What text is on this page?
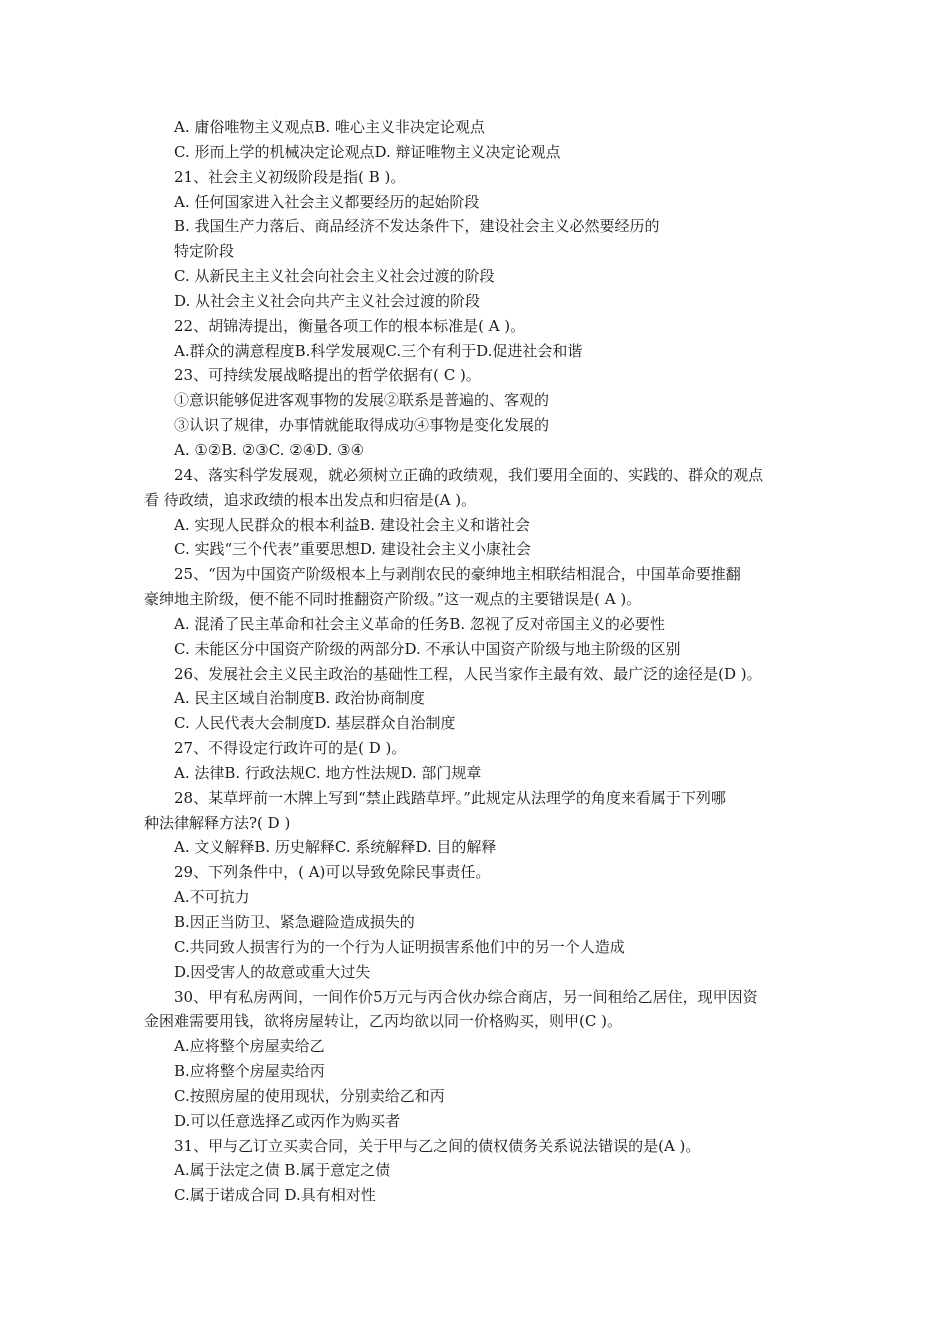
A. 庸俗唯物主义观点B. 唯心主义非决定论观点
C. 形而上学的机械决定论观点D. 辩证唯物主义决定论观点
21、社会主义初级阶段是指( B )。
A. 任何国家进入社会主义都要经历的起始阶段
B. 我国生产力落后、商品经济不发达条件下，建设社会主义必然要经历的
特定阶段
C. 从新民主主义社会向社会主义社会过渡的阶段
D. 从社会主义社会向共产主义社会过渡的阶段
22、胡锦涛提出，衡量各项工作的根本标准是( A )。
A.群众的满意程度B.科学发展观C.三个有利于D.促进社会和谐
23、可持续发展战略提出的哲学依据有( C )。
①意识能够促进客观事物的发展②联系是普遍的、客观的
③认识了规律，办事情就能取得成功④事物是变化发展的
A. ①②B. ②③C. ②④D. ③④
24、落实科学发展观，就必须树立正确的政绩观，我们要用全面的、实践的、群众的观点
看 待政绩，追求政绩的根本出发点和归宿是(A )。
A. 实现人民群众的根本利益B. 建设社会主义和谐社会
C. 实践“三个代表”重要思想D. 建设社会主义小康社会
25、“因为中国资产阶级根本上与剥削农民的豪绅地主相联结相混合，中国革命要推翻
豪绅地主阶级，便不能不同时推翻资产阶级。”这一观点的主要错误是( A )。
A. 混淆了民主革命和社会主义革命的任务B. 忽视了反对帝国主义的必要性
C. 未能区分中国资产阶级的两部分D. 不承认中国资产阶级与地主阶级的区别
26、发展社会主义民主政治的基础性工程，人民当家作主最有效、最广泛的途径是(D )。
A. 民主区域自治制度B. 政治协商制度
C. 人民代表大会制度D. 基层群众自治制度
27、不得设定行政许可的是( D )。
A. 法律B. 行政法规C. 地方性法规D. 部门规章
28、某草坪前一木牌上写到“禁止践踏草坪。”此规定从法理学的角度来看属于下列哪
种法律解释方法?( D )
A. 文义解释B. 历史解释C. 系统解释D. 目的解释
29、下列条件中，( A)可以导致免除民事责任。
A.不可抗力
B.因正当防卫、紧急避险造成损失的
C.共同致人损害行为的一个行为人证明损害系他们中的另一个人造成
D.因受害人的故意或重大过失
30、甲有私房两间，一间作价5万元与丙合伙办综合商店，另一间租给乙居住，现甲因资
金困难需要用钱，欲将房屋转让，乙丙均欲以同一价格购买，则甲(C )。
A.应将整个房屋卖给乙
B.应将整个房屋卖给丙
C.按照房屋的使用现状，分别卖给乙和丙
D.可以任意选择乙或丙作为购买者
31、甲与乙订立买卖合同，关于甲与乙之间的债权债务关系说法错误的是(A )。
A.属于法定之债 B.属于意定之债
C.属于诺成合同 D.具有相对性
